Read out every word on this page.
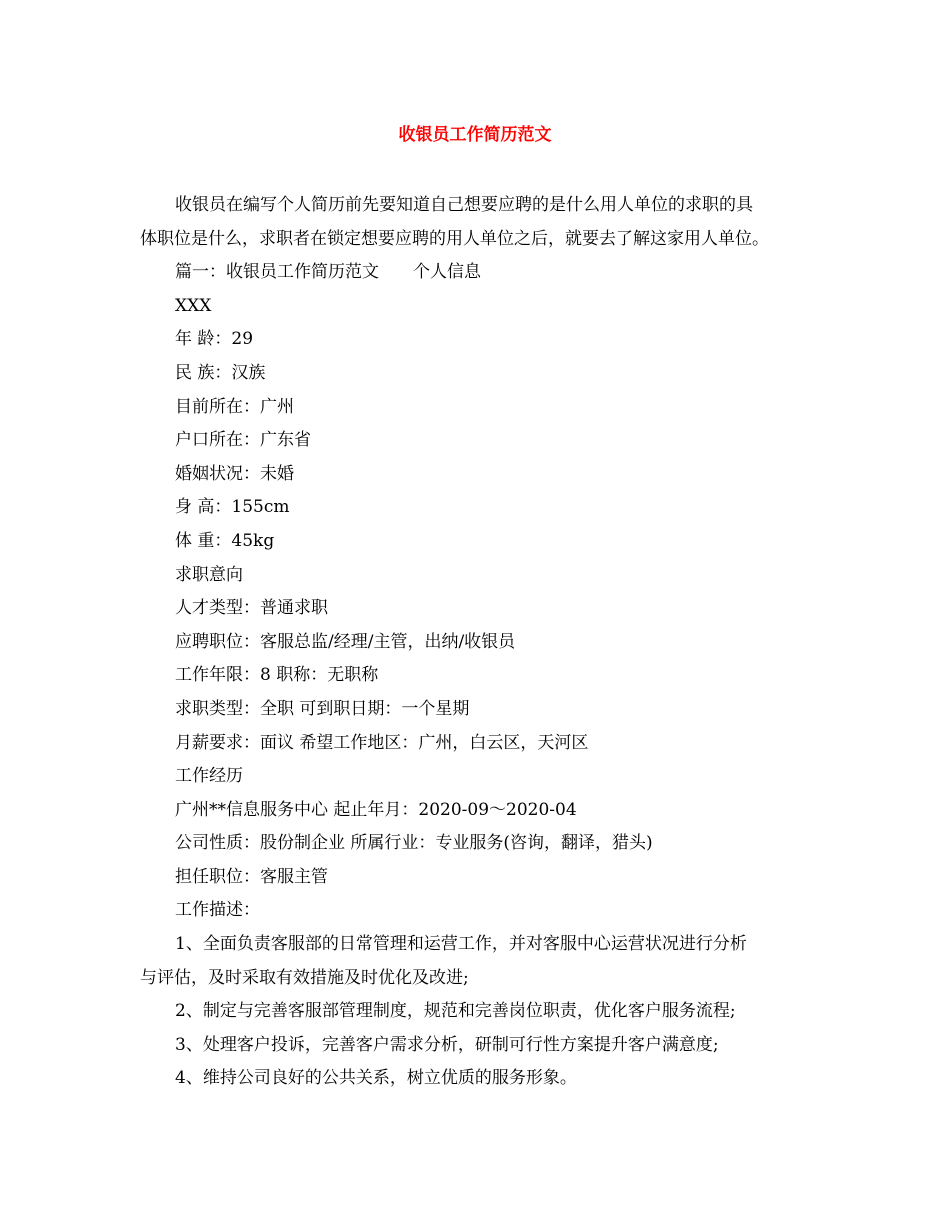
收银员工作简历范文
收银员在编写个人简历前先要知道自己想要应聘的是什么用人单位的求职的具
体职位是什么，求职者在锁定想要应聘的用人单位之后，就要去了解这家用人单位。
篇一：收银员工作简历范文 个人信息
XXX
年 龄：29
民 族：汉族
目前所在：广州
户口所在：广东省
婚姻状况：未婚
身 高：155cm
体 重：45kg
求职意向
人才类型：普通求职
应聘职位：客服总监/经理/主管，出纳/收银员
工作年限：8 职称：无职称
求职类型：全职 可到职日期：一个星期
月薪要求：面议 希望工作地区：广州，白云区，天河区
工作经历
广州**信息服务中心 起止年月：2020-09～2020-04
公司性质：股份制企业 所属行业：专业服务(咨询，翻译，猎头)
担任职位：客服主管
工作描述：
1、全面负责客服部的日常管理和运营工作，并对客服中心运营状况进行分析
与评估，及时采取有效措施及时优化及改进;
2、制定与完善客服部管理制度，规范和完善岗位职责，优化客户服务流程;
3、处理客户投诉，完善客户需求分析，研制可行性方案提升客户满意度;
4、维持公司良好的公共关系，树立优质的服务形象。
